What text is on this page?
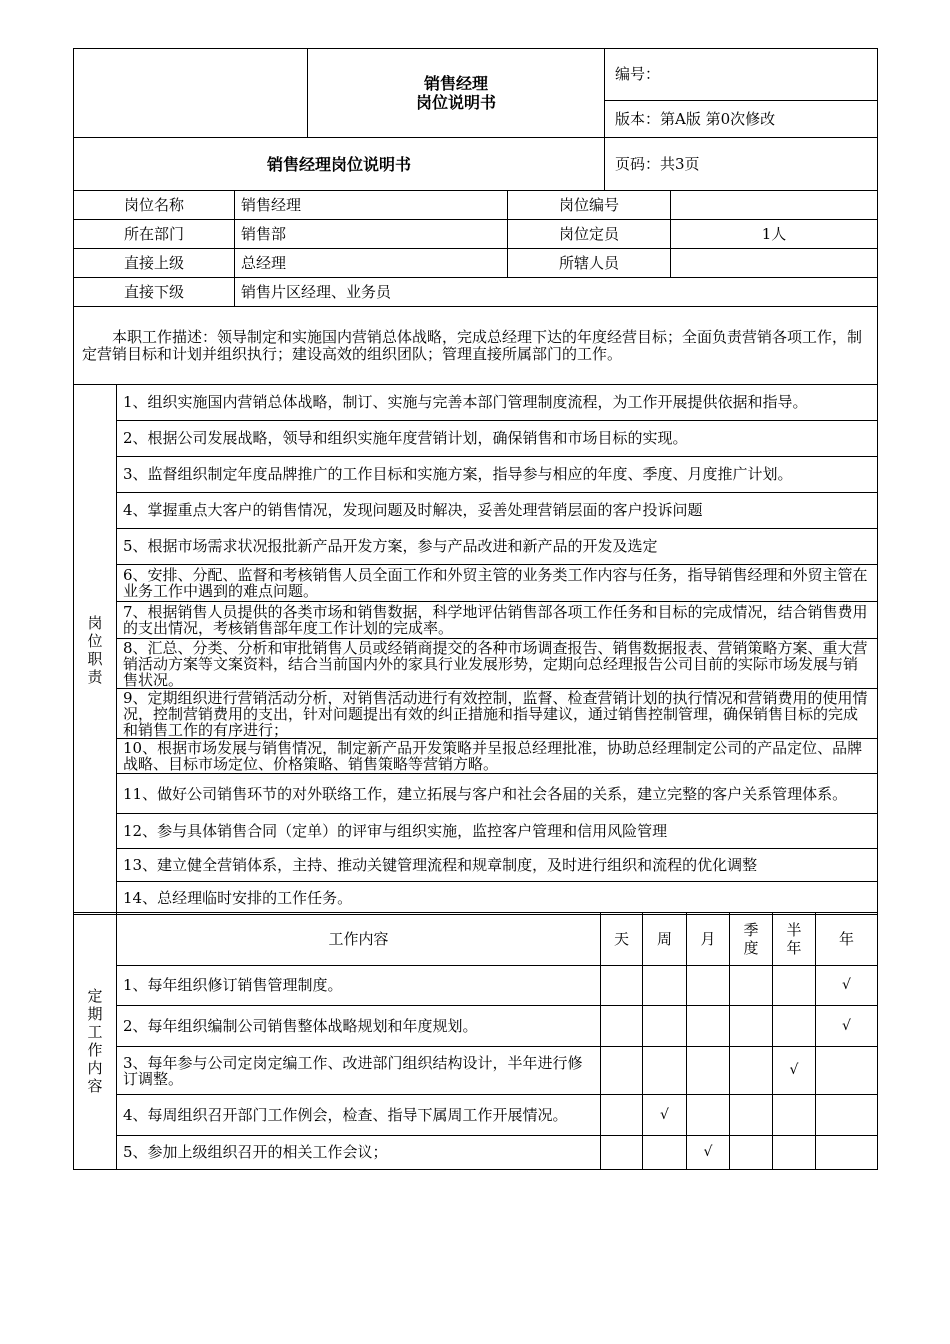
	销售经理
岗位说明书	编号：
		版本：第A版 第0次修改
销售经理岗位说明书		页码：共3页
岗位名称		销售经理	岗位编号	
所在部门		销售部	岗位定员	1人
直接上级		总经理	所辖人员	
直接下级		销售片区经理、业务员		
本职工作描述：领导制定和实施国内营销总体战略，完成总经理下达的年度经营目标；全面负责营销各项工作，制定营销目标和计划并组织执行；建设高效的组织团队；管理直接所属部门的工作。				
岗位职责	1、组织实施国内营销总体战略，制订、实施与完善本部门管理制度流程，为工作开展提供依据和指导。			
	2、根据公司发展战略，领导和组织实施年度营销计划，确保销售和市场目标的实现。			
	3、监督组织制定年度品牌推广的工作目标和实施方案，指导参与相应的年度、季度、月度推广计划。			
	4、掌握重点大客户的销售情况，发现问题及时解决，妥善处理营销层面的客户投诉问题			
	5、根据市场需求状况报批新产品开发方案，参与产品改进和新产品的开发及选定			
	6、安排、分配、监督和考核销售人员全面工作和外贸主管的业务类工作内容与任务，指导销售经理和外贸主管在业务工作中遇到的难点问题。			
	7、根据销售人员提供的各类市场和销售数据，科学地评估销售部各项工作任务和目标的完成情况，结合销售费用的支出情况，考核销售部年度工作计划的完成率。			
	8、汇总、分类、分析和审批销售人员或经销商提交的各种市场调查报告、销售数据报表、营销策略方案、重大营销活动方案等文案资料，结合当前国内外的家具行业发展形势，定期向总经理报告公司目前的实际市场发展与销售状况。			
	9、定期组织进行营销活动分析，对销售活动进行有效控制，监督、检查营销计划的执行情况和营销费用的使用情况，控制营销费用的支出，针对问题提出有效的纠正措施和指导建议，通过销售控制管理，确保销售目标的完成和销售工作的有序进行；			
	10、根据市场发展与销售情况，制定新产品开发策略并呈报总经理批准，协助总经理制定公司的产品定位、品牌战略、目标市场定位、价格策略、销售策略等营销方略。			
	11、做好公司销售环节的对外联络工作，建立拓展与客户和社会各届的关系，建立完整的客户关系管理体系。			
	12、参与具体销售合同（定单）的评审与组织实施，监控客户管理和信用风险管理			
	13、建立健全营销体系，主持、推动关键管理流程和规章制度，及时进行组织和流程的优化调整			
	14、总经理临时安排的工作任务。			
定期工作内容	工作内容	天	周	月	季度	半年	年
	1、每年组织修订销售管理制度。						√
	2、每年组织编制公司销售整体战略规划和年度规划。						√
	3、每年参与公司定岗定编工作、改进部门组织结构设计，半年进行修订调整。					√	
	4、每周组织召开部门工作例会，检查、指导下属周工作开展情况。		√				
	5、参加上级组织召开的相关工作会议；			√			
